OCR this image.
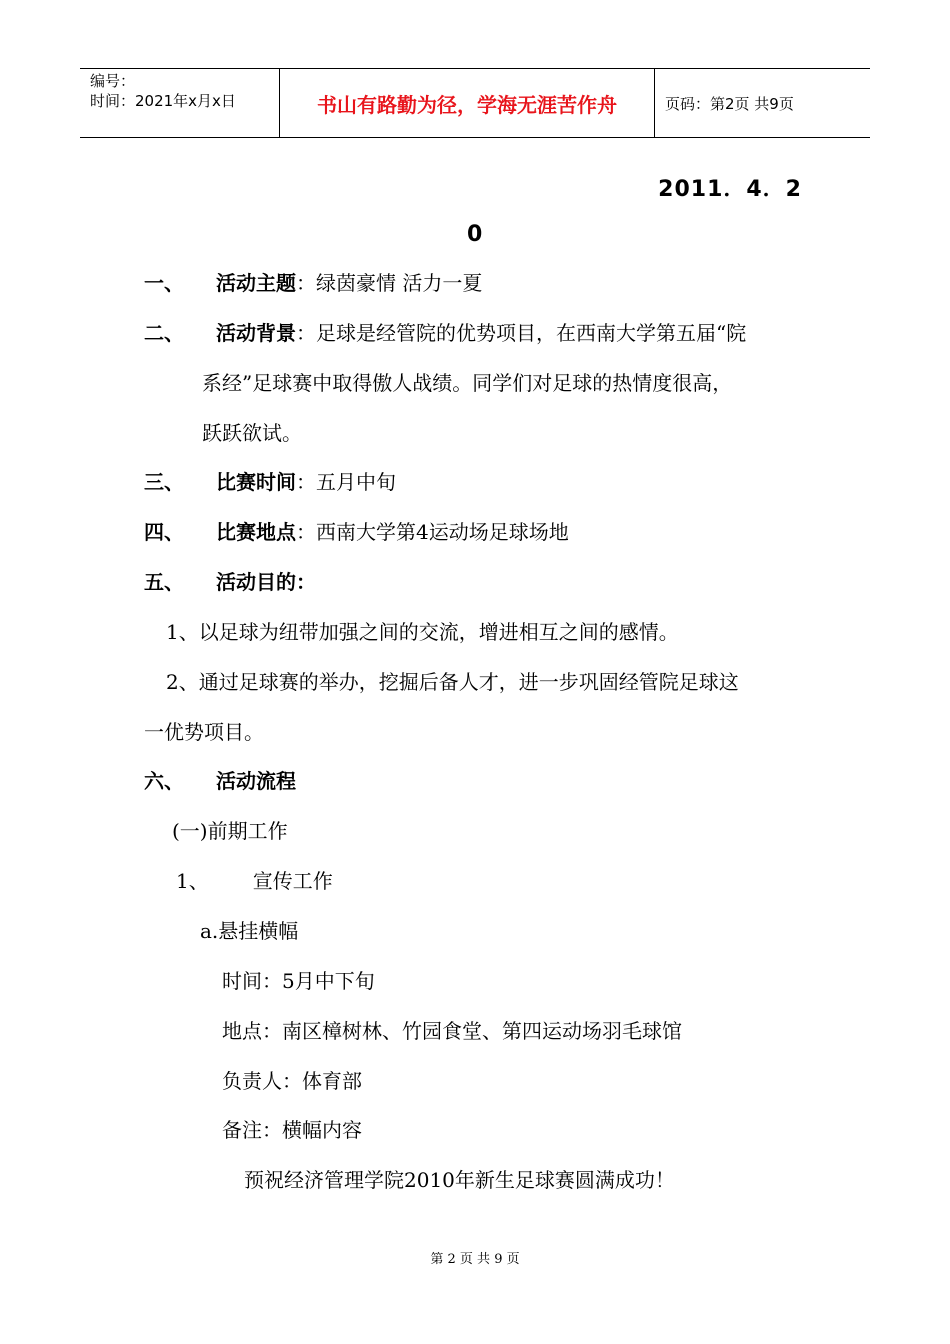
编号：
时间：2021年x月x日	书山有路勤为径，学海无涯苦作舟	页码：第2页 共9页
2011．4．2
0
一、 活动主题：绿茵豪情 活力一夏
二、 活动背景：足球是经管院的优势项目，在西南大学第五届“院
系经”足球赛中取得傲人战绩。同学们对足球的热情度很高，
跃跃欲试。
三、 比赛时间：五月中旬
四、 比赛地点：西南大学第4运动场足球场地
五、 活动目的：
1、以足球为纽带加强之间的交流，增进相互之间的感情。
2、通过足球赛的举办，挖掘后备人才，进一步巩固经管院足球这
一优势项目。
六、 活动流程
(一)前期工作
1、 宣传工作
a.悬挂横幅
时间：5月中下旬
地点：南区樟树林、竹园食堂、第四运动场羽毛球馆
负责人：体育部
备注：横幅内容
预祝经济管理学院2010年新生足球赛圆满成功！
第 2 页 共 9 页
